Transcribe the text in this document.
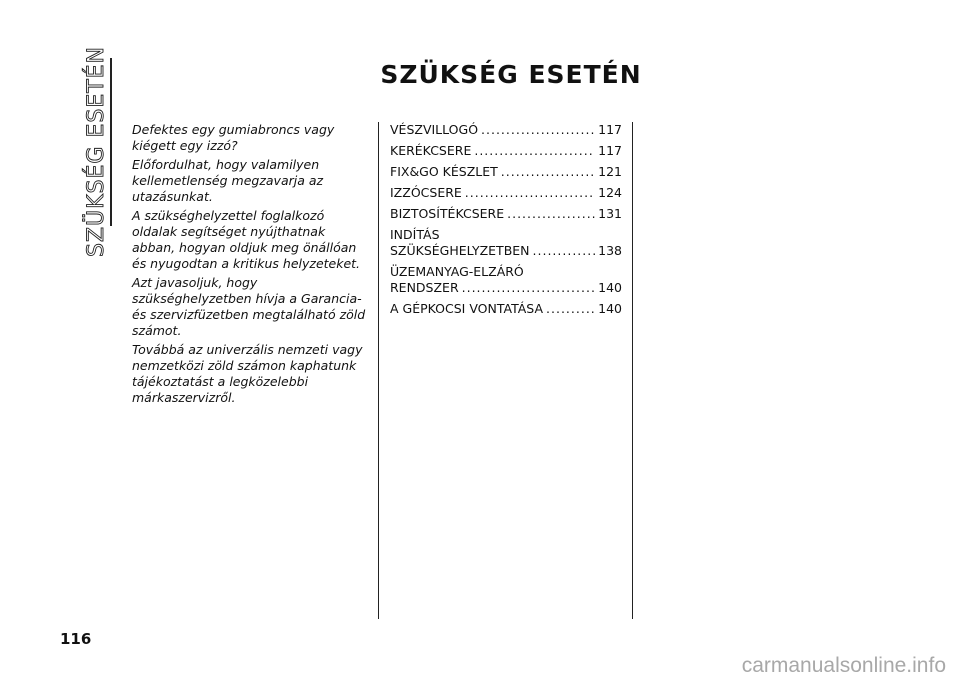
SZÜKSÉG ESETÉN	SZÜKSÉG ESETÉN

Defektes egy gumiabroncs vagy kiégett egy izzó?

Előfordulhat, hogy valamilyen kellemetlenség megzavarja az utazásunkat.

A szükséghelyzettel foglalkozó oldalak segítséget nyújthatnak abban, hogyan oldjuk meg önállóan és nyugodtan a kritikus helyzeteket.

Azt javasoljuk, hogy szükséghelyzetben hívja a Garancia- és szervizfüzetben megtalálható zöld számot.

Továbbá az univerzális nemzeti vagy nemzetközi zöld számon kaphatunk tájékoztatást a legközelebbi márkaszervizről.

VÉSZVILLOGÓ .....	117
KERÉKCSERE .....	117
FIX&GO KÉSZLET .....	121
IZZÓCSERE .....	124
BIZTOSÍTÉKCSERE .....	131
INDÍTÁS
SZÜKSÉGHELYZETBEN .....	138
ÜZEMANYAG-ELZÁRÓ
RENDSZER .....	140
A GÉPKOCSI VONTATÁSA .....	140
116
carmanualsonline.info
